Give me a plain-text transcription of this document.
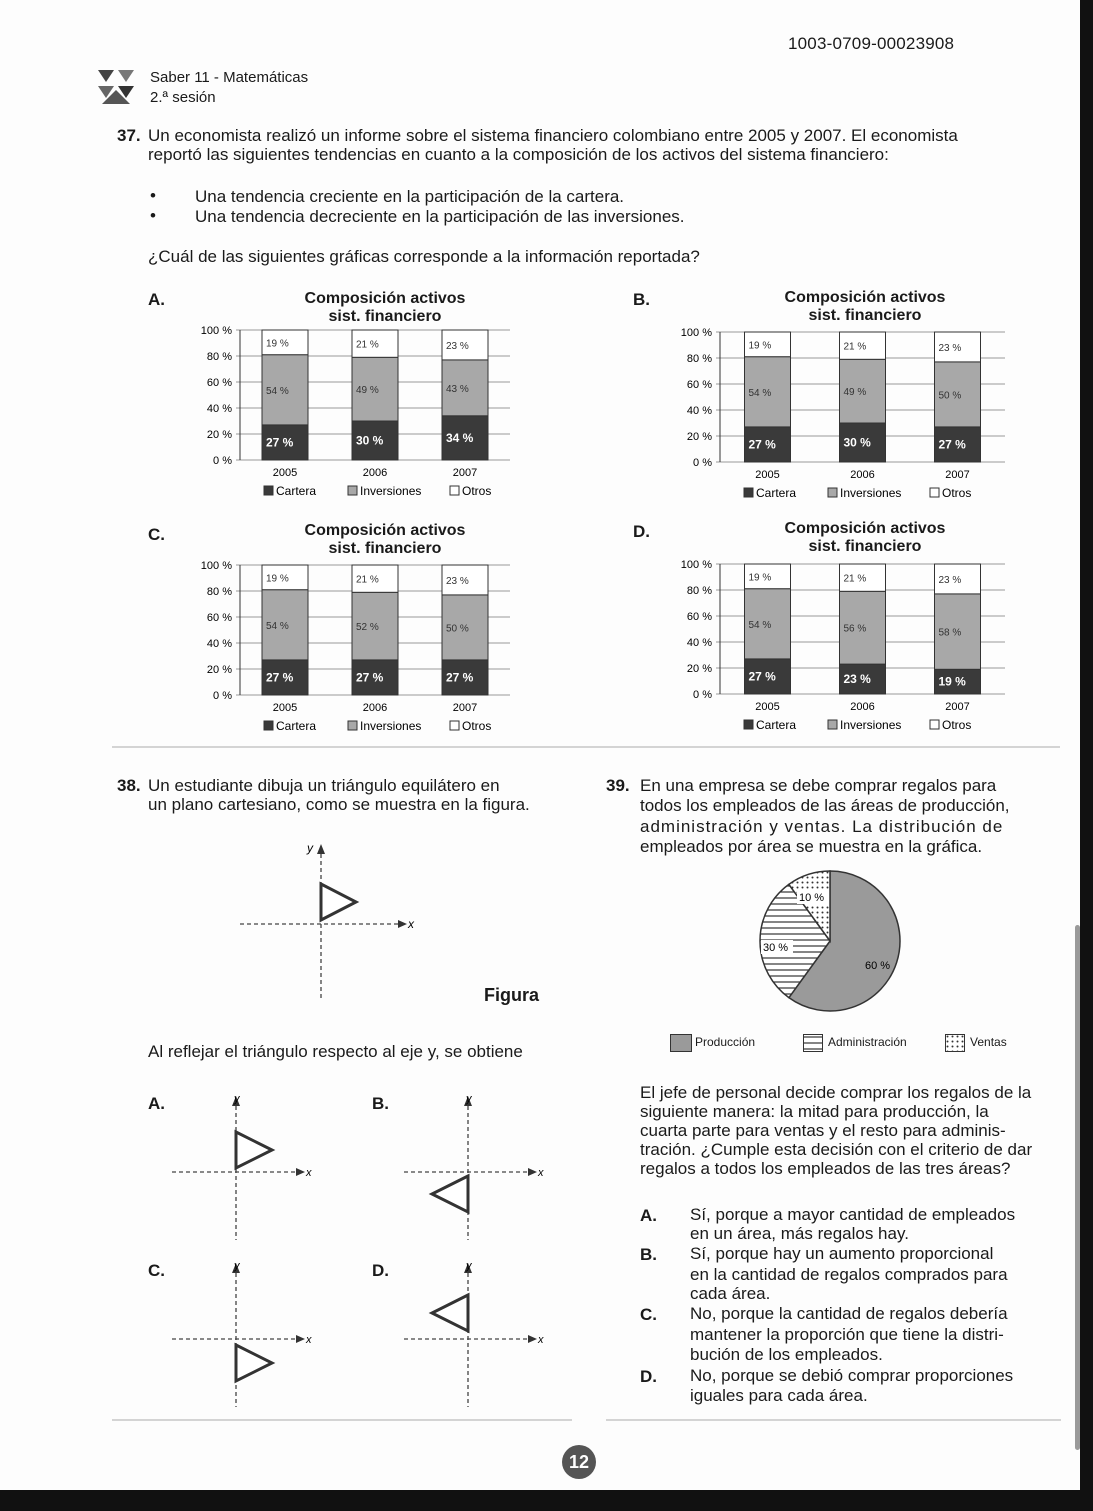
1003-0709-00023908
Saber 11 - Matemáticas
2.ª sesión
37. Un economista realizó un informe sobre el sistema financiero colombiano entre 2005 y 2007. El economista
reportó las siguientes tendencias en cuanto a la composición de los activos del sistema financiero:
• Una tendencia creciente en la participación de la cartera.
• Una tendencia decreciente en la participación de las inversiones.
¿Cuál de las siguientes gráficas corresponde a la información reportada?
A.	B.
C.	D.
Composición activos
sist. financiero
Composición activos
sist. financiero
Composición activos
sist. financiero
Composición activos
sist. financiero
100 %
80 %
60 %
40 %
20 %
0 %
27 %
54 %
19 %
2005
30 %
49 %
21 %
2006
34 %
43 %
23 %
2007
Cartera	Inversiones	Otros
100 %
80 %
60 %
40 %
20 %
0 %
27 %
54 %
19 %
2005
30 %
49 %
21 %
2006
27 %
50 %
23 %
2007
Cartera	Inversiones	Otros
100 %
80 %
60 %
40 %
20 %
0 %
27 %
54 %
19 %
2005
27 %
52 %
21 %
2006
27 %
50 %
23 %
2007
Cartera	Inversiones	Otros
100 %
80 %
60 %
40 %
20 %
0 %
27 %
54 %
19 %
2005
23 %
56 %
21 %
2006
19 %
58 %
23 %
2007
Cartera	Inversiones	Otros
38. Un estudiante dibuja un triángulo equilátero en
un plano cartesiano, como se muestra en la figura.
y
x
Figura
Al reflejar el triángulo respecto al eje y, se obtiene
A.	B.
C.	D.
y
x
y
x
y
x
y
x
39. En una empresa se debe comprar regalos para
todos los empleados de las áreas de producción,
administración y ventas. La distribución de
empleados por área se muestra en la gráfica.
60 %
30 %
10 %
Producción	Administración	Ventas
El jefe de personal decide comprar los regalos de la
siguiente manera: la mitad para producción, la
cuarta parte para ventas y el resto para adminis-
tración. ¿Cumple esta decisión con el criterio de dar
regalos a todos los empleados de las tres áreas?
A. Sí, porque a mayor cantidad de empleados
en un área, más regalos hay.
B. Sí, porque hay un aumento proporcional
en la cantidad de regalos comprados para
cada área.
C. No, porque la cantidad de regalos debería
mantener la proporción que tiene la distri-
bución de los empleados.
D. No, porque se debió comprar proporciones
iguales para cada área.
12
